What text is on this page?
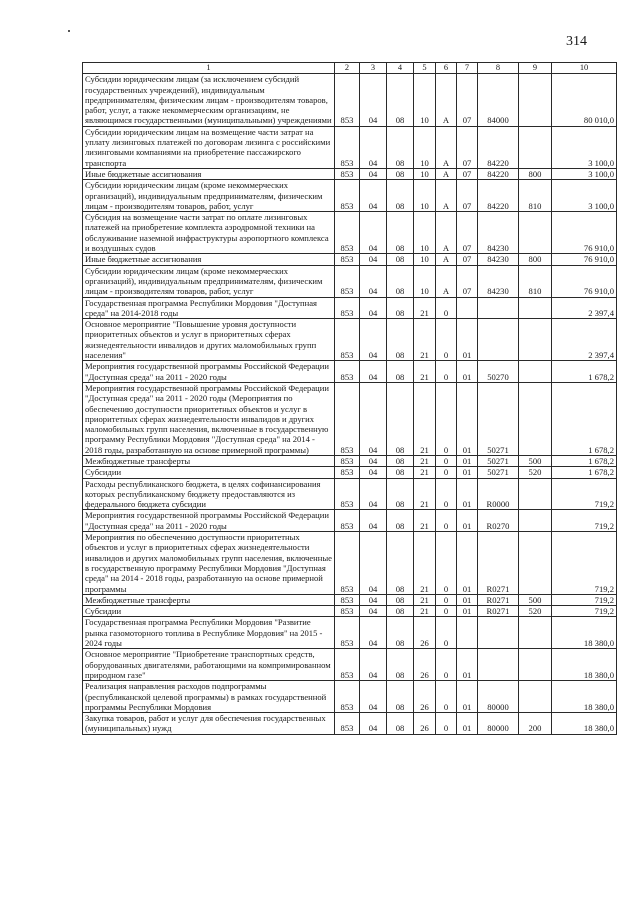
314
1	2	3	4	5	6	7	8	9	10
Субсидии юридическим лицам (за исключением субсидий государственных учреждений), индивидуальным предпринимателям, физическим лицам - производителям товаров, работ, услуг, а также некоммерческим организациям, не являющимся государственными (муниципальными) учреждениями	853	04	08	10	А	07	84000		80 010,0
Субсидии юридическим лицам на возмещение части затрат на уплату лизинговых платежей по договорам лизинга с российскими лизинговыми компаниями на приобретение пассажирского транспорта	853	04	08	10	А	07	84220		3 100,0
Иные бюджетные ассигнования	853	04	08	10	А	07	84220	800	3 100,0
Субсидии юридическим лицам (кроме некоммерческих организаций), индивидуальным предпринимателям, физическим лицам - производителям товаров, работ, услуг	853	04	08	10	А	07	84220	810	3 100,0
Субсидия на возмещение части затрат по оплате лизинговых платежей на приобретение комплекта аэродромной техники на обслуживание наземной инфраструктуры аэропортного комплекса и воздушных судов	853	04	08	10	А	07	84230		76 910,0
Иные бюджетные ассигнования	853	04	08	10	А	07	84230	800	76 910,0
Субсидии юридическим лицам (кроме некоммерческих организаций), индивидуальным предпринимателям, физическим лицам - производителям товаров, работ, услуг	853	04	08	10	А	07	84230	810	76 910,0
Государственная программа Республики Мордовия "Доступная среда" на 2014-2018 годы	853	04	08	21	0				2 397,4
Основное мероприятие "Повышение уровня доступности приоритетных объектов и услуг в приоритетных сферах жизнедеятельности инвалидов и других маломобильных групп населения"	853	04	08	21	0	01			2 397,4
Мероприятия государственной программы Российской Федерации "Доступная среда" на 2011 - 2020 годы	853	04	08	21	0	01	50270		1 678,2
Мероприятия государственной программы Российской Федерации "Доступная среда" на 2011 - 2020 годы (Мероприятия по обеспечению доступности приоритетных объектов и услуг в приоритетных сферах жизнедеятельности инвалидов и других маломобильных групп населения, включенные в государственную программу Республики Мордовия "Доступная среда" на 2014 - 2018 годы, разработанную на основе примерной программы)	853	04	08	21	0	01	50271		1 678,2
Межбюджетные трансферты	853	04	08	21	0	01	50271	500	1 678,2
Субсидии	853	04	08	21	0	01	50271	520	1 678,2
Расходы республиканского бюджета, в целях софинансирования которых республиканскому бюджету предоставляются из федерального бюджета субсидии	853	04	08	21	0	01	R0000		719,2
Мероприятия государственной программы Российской Федерации "Доступная среда" на 2011 - 2020 годы	853	04	08	21	0	01	R0270		719,2
Мероприятия по обеспечению доступности приоритетных объектов и услуг в приоритетных сферах жизнедеятельности инвалидов и других маломобильных групп населения, включенные в государственную программу Республики Мордовия "Доступная среда" на 2014 - 2018 годы, разработанную на основе примерной программы	853	04	08	21	0	01	R0271		719,2
Межбюджетные трансферты	853	04	08	21	0	01	R0271	500	719,2
Субсидии	853	04	08	21	0	01	R0271	520	719,2
Государственная программа Республики Мордовия "Развитие рынка газомоторного топлива в Республике Мордовия" на 2015 - 2024 годы	853	04	08	26	0				18 380,0
Основное мероприятие "Приобретение транспортных средств, оборудованных двигателями, работающими на компримированном природном газе"	853	04	08	26	0	01			18 380,0
Реализация направления расходов подпрограммы (республиканской целевой программы) в рамках государственной программы Республики Мордовия	853	04	08	26	0	01	80000		18 380,0
Закупка товаров, работ и услуг для обеспечения государственных (муниципальных) нужд	853	04	08	26	0	01	80000	200	18 380,0
